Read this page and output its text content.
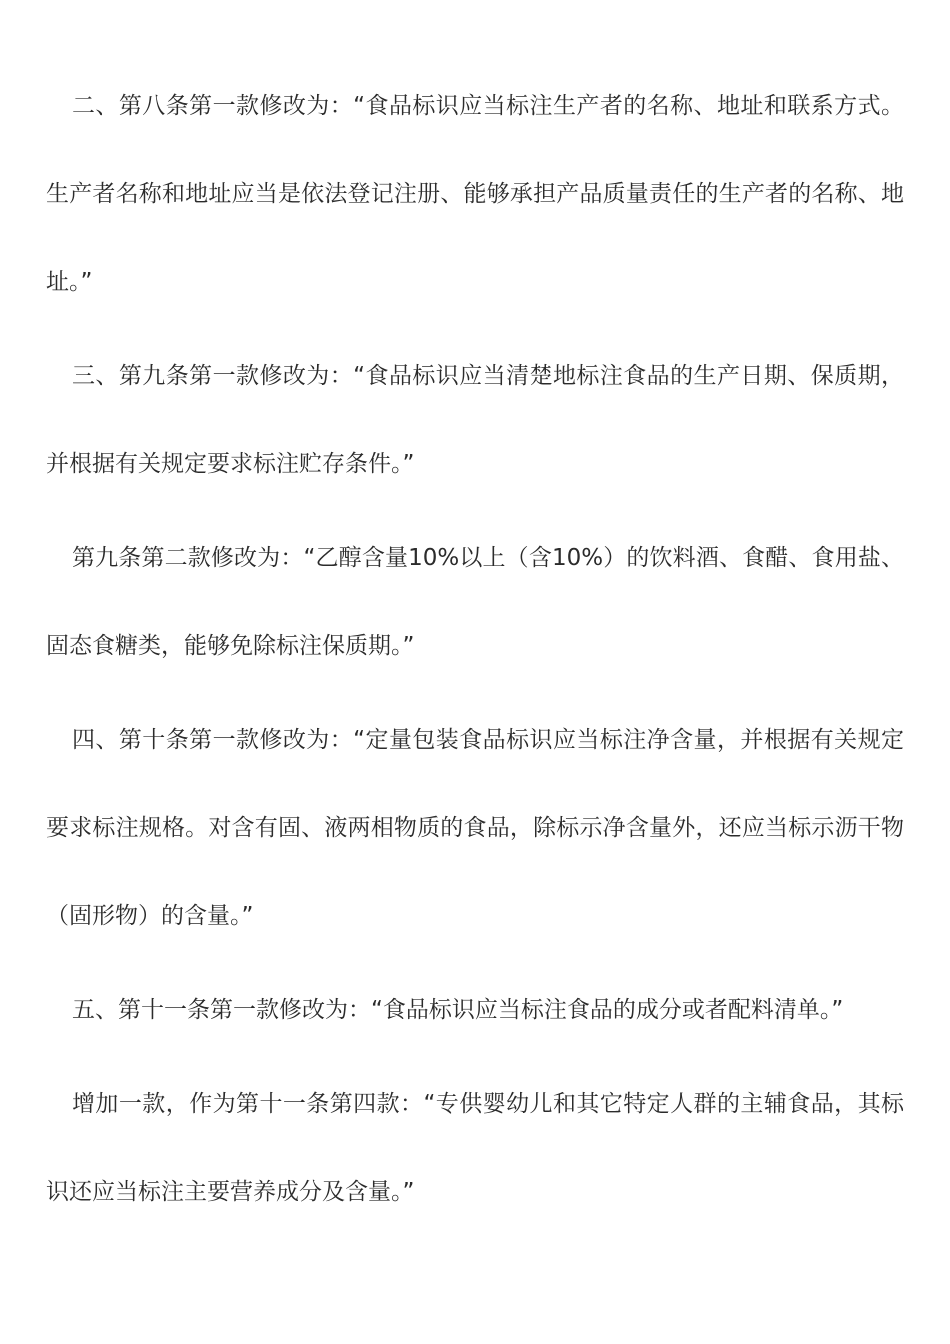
二、第八条第一款修改为：“食品标识应当标注生产者的名称、地址和联系方式。生产者名称和地址应当是依法登记注册、能够承担产品质量责任的生产者的名称、地址。”

三、第九条第一款修改为：“食品标识应当清楚地标注食品的生产日期、保质期，并根据有关规定要求标注贮存条件。”

第九条第二款修改为：“乙醇含量10%以上（含10%）的饮料酒、食醋、食用盐、固态食糖类，能够免除标注保质期。”

四、第十条第一款修改为：“定量包装食品标识应当标注净含量，并根据有关规定要求标注规格。对含有固、液两相物质的食品，除标示净含量外，还应当标示沥干物（固形物）的含量。”

五、第十一条第一款修改为：“食品标识应当标注食品的成分或者配料清单。”

增加一款，作为第十一条第四款：“专供婴幼儿和其它特定人群的主辅食品，其标识还应当标注主要营养成分及含量。”
